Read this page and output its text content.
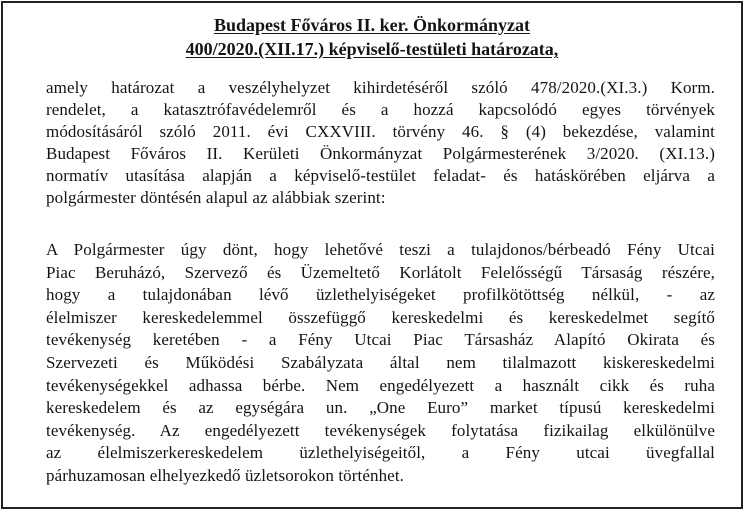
Budapest Főváros II. ker. Önkormányzat
400/2020.(XII.17.) képviselő-testületi határozata,
amely határozat a veszélyhelyzet kihirdetéséről szóló 478/2020.(XI.3.) Korm.
rendelet, a katasztrófavédelemről és a hozzá kapcsolódó egyes törvények
módosításáról szóló 2011. évi CXXVIII. törvény 46. § (4) bekezdése, valamint
Budapest Főváros II. Kerületi Önkormányzat Polgármesterének 3/2020. (XI.13.)
normatív utasítása alapján a képviselő-testület feladat- és hatáskörében eljárva a
polgármester döntésén alapul az alábbiak szerint:
A Polgármester úgy dönt, hogy lehetővé teszi a tulajdonos/bérbeadó Fény Utcai
Piac Beruházó, Szervező és Üzemeltető Korlátolt Felelősségű Társaság részére,
hogy a tulajdonában lévő üzlethelyiségeket profilkötöttség nélkül, - az
élelmiszer kereskedelemmel összefüggő kereskedelmi és kereskedelmet segítő
tevékenység keretében - a Fény Utcai Piac Társasház Alapító Okirata és
Szervezeti és Működési Szabályzata által nem tilalmazott kiskereskedelmi
tevékenységekkel adhassa bérbe. Nem engedélyezett a használt cikk és ruha
kereskedelem és az egységára un. „One Euro” market típusú kereskedelmi
tevékenység. Az engedélyezett tevékenységek folytatása fizikailag elkülönülve
az élelmiszerkereskedelem üzlethelyiségeitől, a Fény utcai üvegfallal
párhuzamosan elhelyezkedő üzletsorokon történhet.
